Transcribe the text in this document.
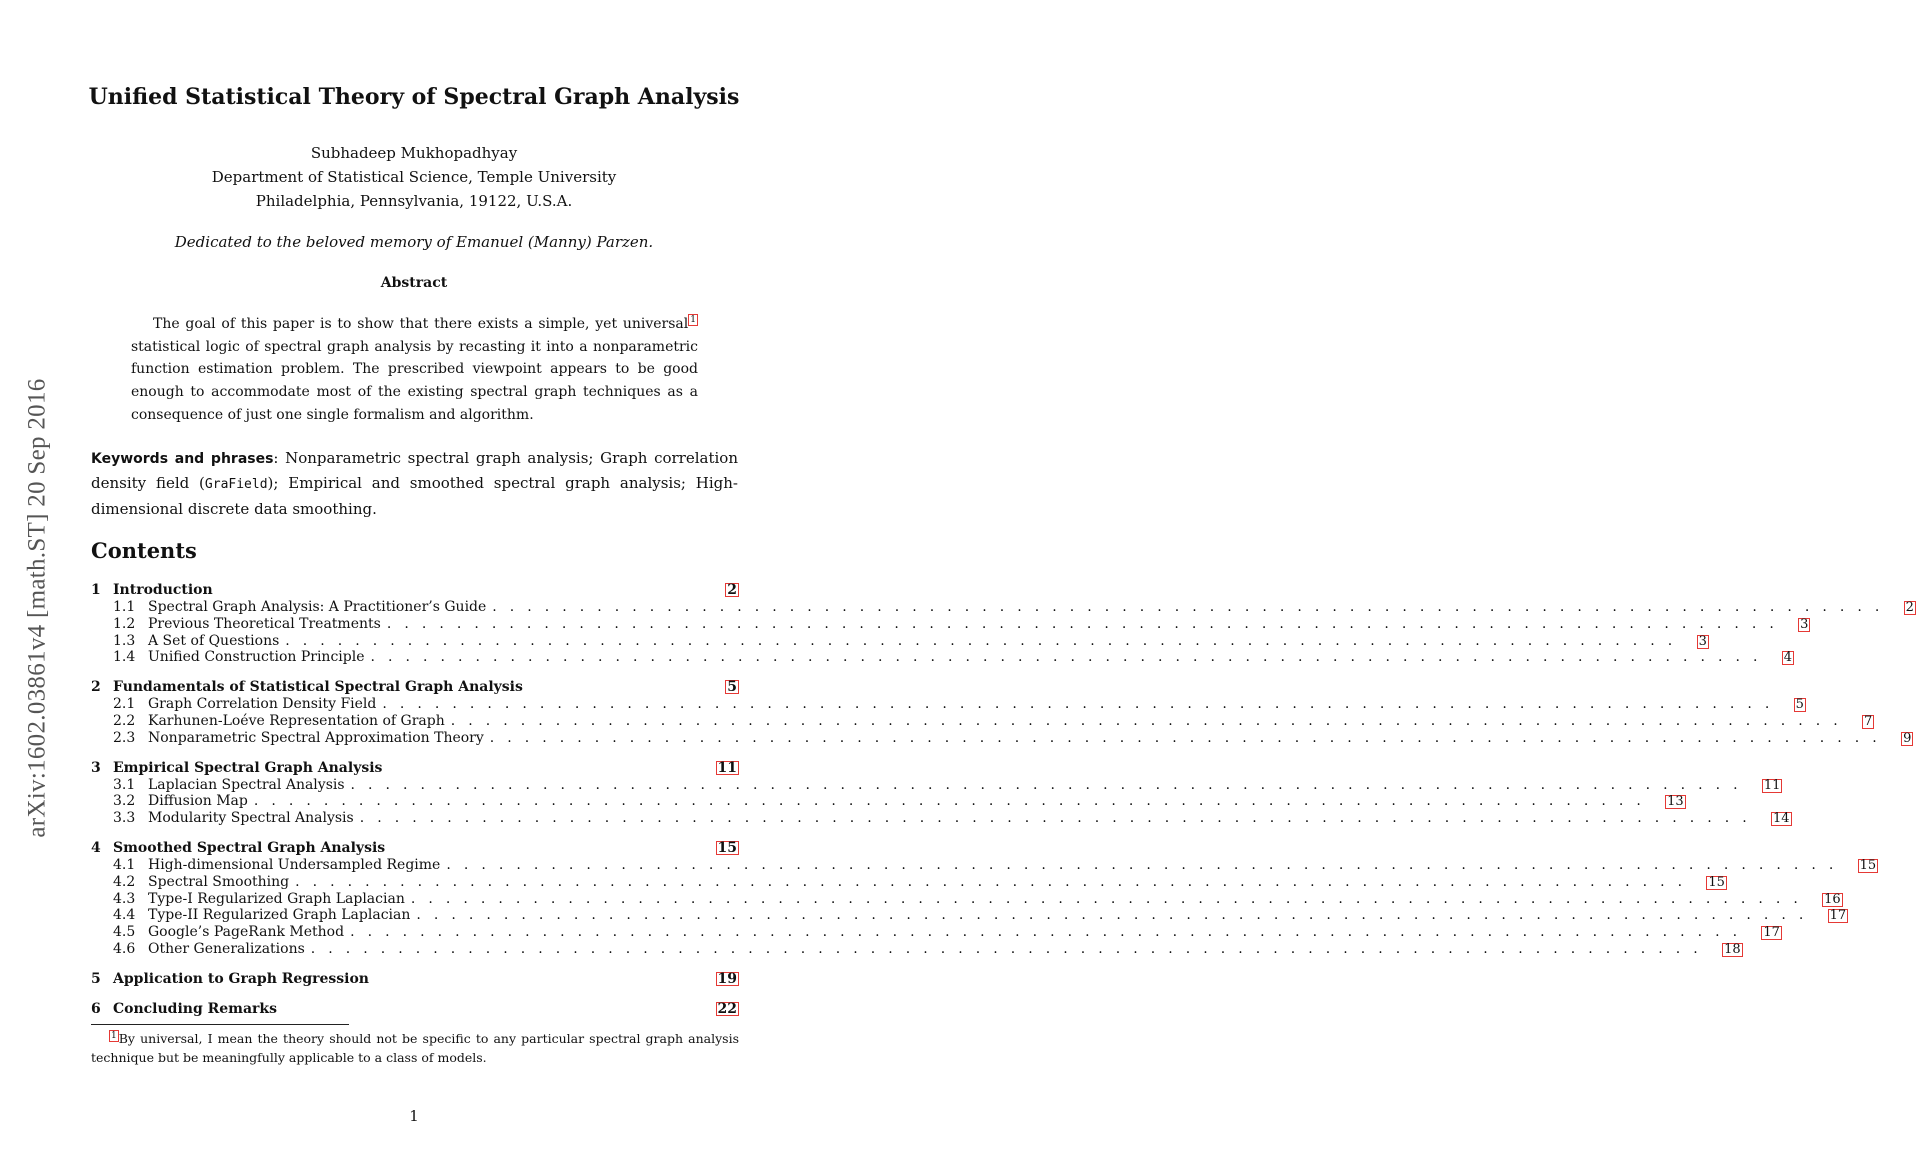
arXiv:1602.03861v4 [math.ST] 20 Sep 2016
Unified Statistical Theory of Spectral Graph Analysis
Subhadeep Mukhopadhyay
Department of Statistical Science, Temple University
Philadelphia, Pennsylvania, 19122, U.S.A.
Dedicated to the beloved memory of Emanuel (Manny) Parzen.
Abstract
The goal of this paper is to show that there exists a simple, yet universal $^1$ statistical logic of spectral graph analysis by recasting it into a nonparametric function estimation problem. The prescribed viewpoint appears to be good enough to accommodate most of the existing spectral graph techniques as a consequence of just one single formalism and algorithm.
Keywords and phrases: Nonparametric spectral graph analysis; Graph correlation density field (GraField); Empirical and smoothed spectral graph analysis; High-dimensional discrete data smoothing.
Contents
1 Introduction	2
1.1 Spectral Graph Analysis: A Practitioner’s Guide . . . . . . . . . . . . . . . . . . . . . . . . . . . . . . . . . . . . . . . . . . . . . . . . . . . . . . . . . . . . . . . . . . . . . . . . . . . . . . . . 2
1.2 Previous Theoretical Treatments . . . . . . . . . . . . . . . . . . . . . . . . . . . . . . . . . . . . . . . . . . . . . . . . . . . . . . . . . . . . . . . . . . . . . . . . . . . . . . . . 3
1.3 A Set of Questions . . . . . . . . . . . . . . . . . . . . . . . . . . . . . . . . . . . . . . . . . . . . . . . . . . . . . . . . . . . . . . . . . . . . . . . . . . . . . . . . 3
1.4 Unified Construction Principle . . . . . . . . . . . . . . . . . . . . . . . . . . . . . . . . . . . . . . . . . . . . . . . . . . . . . . . . . . . . . . . . . . . . . . . . . . . . . . . . 4
2 Fundamentals of Statistical Spectral Graph Analysis	5
2.1 Graph Correlation Density Field . . . . . . . . . . . . . . . . . . . . . . . . . . . . . . . . . . . . . . . . . . . . . . . . . . . . . . . . . . . . . . . . . . . . . . . . . . . . . . . . 5
2.2 Karhunen-Loéve Representation of Graph . . . . . . . . . . . . . . . . . . . . . . . . . . . . . . . . . . . . . . . . . . . . . . . . . . . . . . . . . . . . . . . . . . . . . . . . . . . . . . . . 7
2.3 Nonparametric Spectral Approximation Theory . . . . . . . . . . . . . . . . . . . . . . . . . . . . . . . . . . . . . . . . . . . . . . . . . . . . . . . . . . . . . . . . . . . . . . . . . . . . . . . . 9
3 Empirical Spectral Graph Analysis	11
3.1 Laplacian Spectral Analysis . . . . . . . . . . . . . . . . . . . . . . . . . . . . . . . . . . . . . . . . . . . . . . . . . . . . . . . . . . . . . . . . . . . . . . . . . . . . . . . . 11
3.2 Diffusion Map . . . . . . . . . . . . . . . . . . . . . . . . . . . . . . . . . . . . . . . . . . . . . . . . . . . . . . . . . . . . . . . . . . . . . . . . . . . . . . . . 13
3.3 Modularity Spectral Analysis . . . . . . . . . . . . . . . . . . . . . . . . . . . . . . . . . . . . . . . . . . . . . . . . . . . . . . . . . . . . . . . . . . . . . . . . . . . . . . . . 14
4 Smoothed Spectral Graph Analysis	15
4.1 High-dimensional Undersampled Regime . . . . . . . . . . . . . . . . . . . . . . . . . . . . . . . . . . . . . . . . . . . . . . . . . . . . . . . . . . . . . . . . . . . . . . . . . . . . . . . . 15
4.2 Spectral Smoothing . . . . . . . . . . . . . . . . . . . . . . . . . . . . . . . . . . . . . . . . . . . . . . . . . . . . . . . . . . . . . . . . . . . . . . . . . . . . . . . . 15
4.3 Type-I Regularized Graph Laplacian . . . . . . . . . . . . . . . . . . . . . . . . . . . . . . . . . . . . . . . . . . . . . . . . . . . . . . . . . . . . . . . . . . . . . . . . . . . . . . . . 16
4.4 Type-II Regularized Graph Laplacian . . . . . . . . . . . . . . . . . . . . . . . . . . . . . . . . . . . . . . . . . . . . . . . . . . . . . . . . . . . . . . . . . . . . . . . . . . . . . . . . 17
4.5 Google’s PageRank Method . . . . . . . . . . . . . . . . . . . . . . . . . . . . . . . . . . . . . . . . . . . . . . . . . . . . . . . . . . . . . . . . . . . . . . . . . . . . . . . . 17
4.6 Other Generalizations . . . . . . . . . . . . . . . . . . . . . . . . . . . . . . . . . . . . . . . . . . . . . . . . . . . . . . . . . . . . . . . . . . . . . . . . . . . . . . . . 18
5 Application to Graph Regression	19
6 Concluding Remarks	22
$^1$ By universal, I mean the theory should not be specific to any particular spectral graph analysis technique but be meaningfully applicable to a class of models.
1
